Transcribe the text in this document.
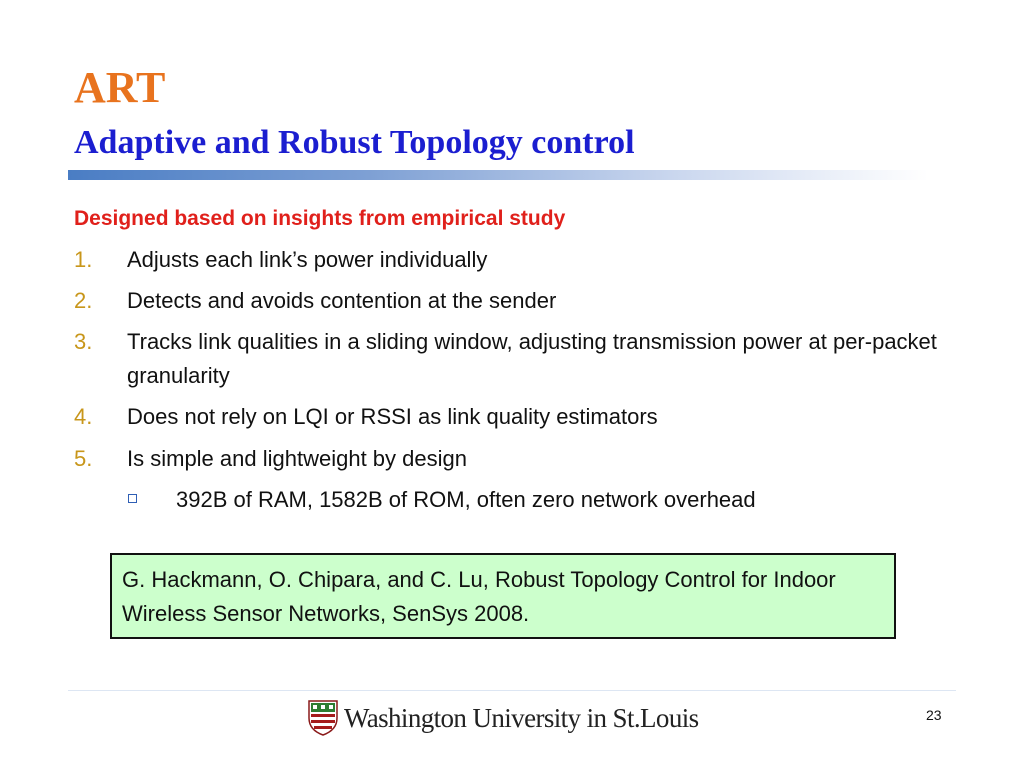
ART
Adaptive and Robust Topology control
Designed based on insights from empirical study
1. Adjusts each link’s power individually
2. Detects and avoids contention at the sender
3. Tracks link qualities in a sliding window, adjusting transmission power at per-packet granularity
4. Does not rely on LQI or RSSI as link quality estimators
5. Is simple and lightweight by design
392B of RAM, 1582B of ROM, often zero network overhead
G. Hackmann, O. Chipara, and C. Lu, Robust Topology Control for Indoor Wireless Sensor Networks, SenSys 2008.
Washington University in St.Louis	23
